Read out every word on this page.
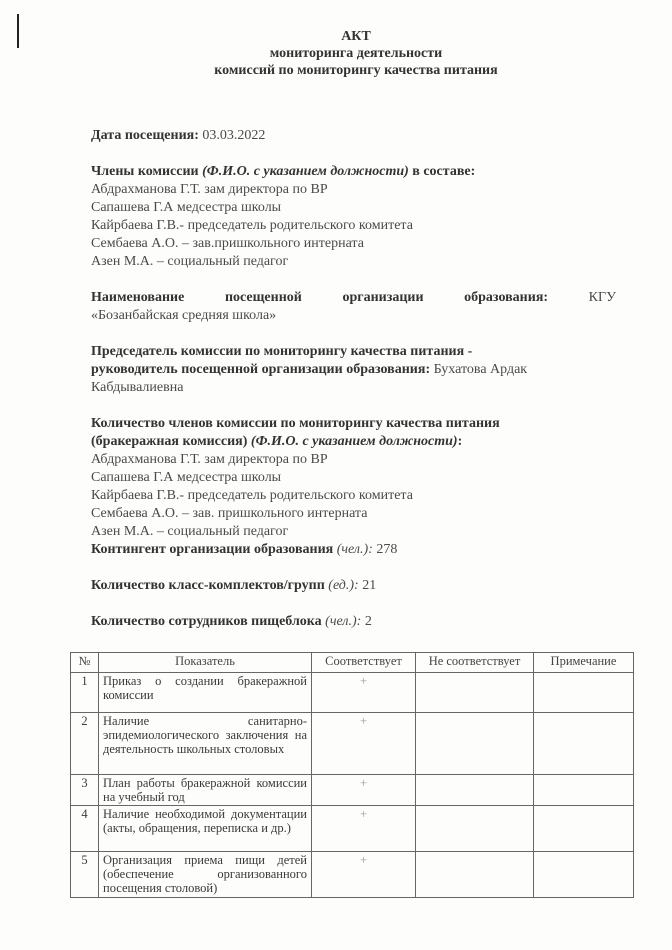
АКТ
мониторинга деятельности
комиссий по мониторингу качества питания
Дата посещения: 03.03.2022
Члены комиссии (Ф.И.О. с указанием должности) в составе:
Абдрахманова Г.Т. зам директора по ВР
Сапашева Г.А медсестра школы
Кайрбаева Г.В.- председатель родительского комитета
Сембаева А.О. – зав.пришкольного интерната
Азен М.А. – социальный педагог
Наименование	посещенной	организации	образования:	КГУ
«Бозанбайская средняя школа»
Председатель комиссии по мониторингу качества питания -
руководитель посещенной организации образования: Бухатова Ардак
Кабдывалиевна
Количество членов комиссии по мониторингу качества питания
(бракеражная комиссия) (Ф.И.О. с указанием должности):
Абдрахманова Г.Т. зам директора по ВР
Сапашева Г.А медсестра школы
Кайрбаева Г.В.- председатель родительского комитета
Сембаева А.О. – зав. пришкольного интерната
Азен М.А. – социальный педагог
Контингент организации образования (чел.): 278
Количество класс-комплектов/групп (ед.): 21
Количество сотрудников пищеблока (чел.): 2
№	Показатель	Соответствует	Не соответствует	Примечание
1	Приказ о создании бракеражной комиссии	+		
2	Наличие санитарно-эпидемиологического заключения на деятельность школьных столовых	+		
3	План работы бракеражной комиссии на учебный год	+		
4	Наличие необходимой документации (акты, обращения, переписка и др.)	+		
5	Организация приема пищи детей (обеспечение организованного посещения столовой)	+		
